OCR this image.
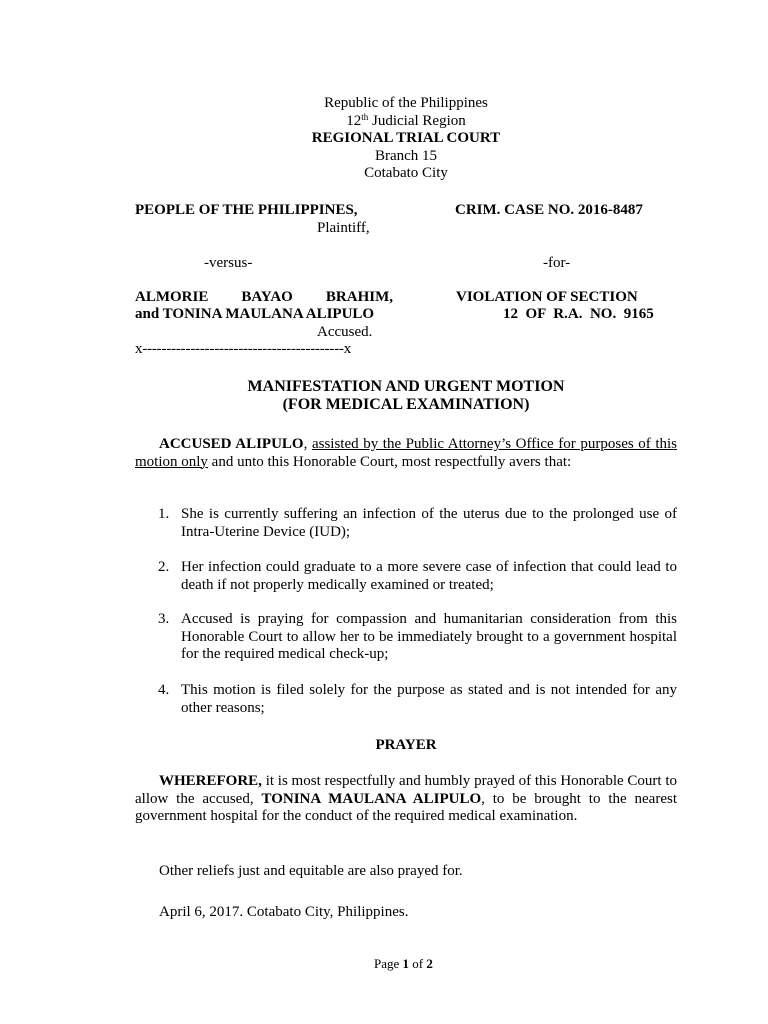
Republic of the Philippines
12th Judicial Region
REGIONAL TRIAL COURT
Branch 15
Cotabato City
PEOPLE OF THE PHILIPPINES,	CRIM. CASE NO. 2016-8487
Plaintiff,
-versus-	-for-
ALMORIE   BAYAO   BRAHIM,
and TONINA MAULANA ALIPULO
Accused.
x------------------------------------------x
VIOLATION OF SECTION
12  OF  R.A.  NO.  9165
MANIFESTATION AND URGENT MOTION
(FOR MEDICAL EXAMINATION)
ACCUSED ALIPULO, assisted by the Public Attorney’s Office for purposes of this motion only and unto this Honorable Court, most respectfully avers that:
1. She is currently suffering an infection of the uterus due to the prolonged use of Intra-Uterine Device (IUD);
2. Her infection could graduate to a more severe case of infection that could lead to death if not properly medically examined or treated;
3. Accused is praying for compassion and humanitarian consideration from this Honorable Court to allow her to be immediately brought to a government hospital for the required medical check-up;
4. This motion is filed solely for the purpose as stated and is not intended for any other reasons;
PRAYER
WHEREFORE, it is most respectfully and humbly prayed of this Honorable Court to allow the accused, TONINA MAULANA ALIPULO, to be brought to the nearest government hospital for the conduct of the required medical examination.
Other reliefs just and equitable are also prayed for.
April 6, 2017. Cotabato City, Philippines.
Page 1 of 2
